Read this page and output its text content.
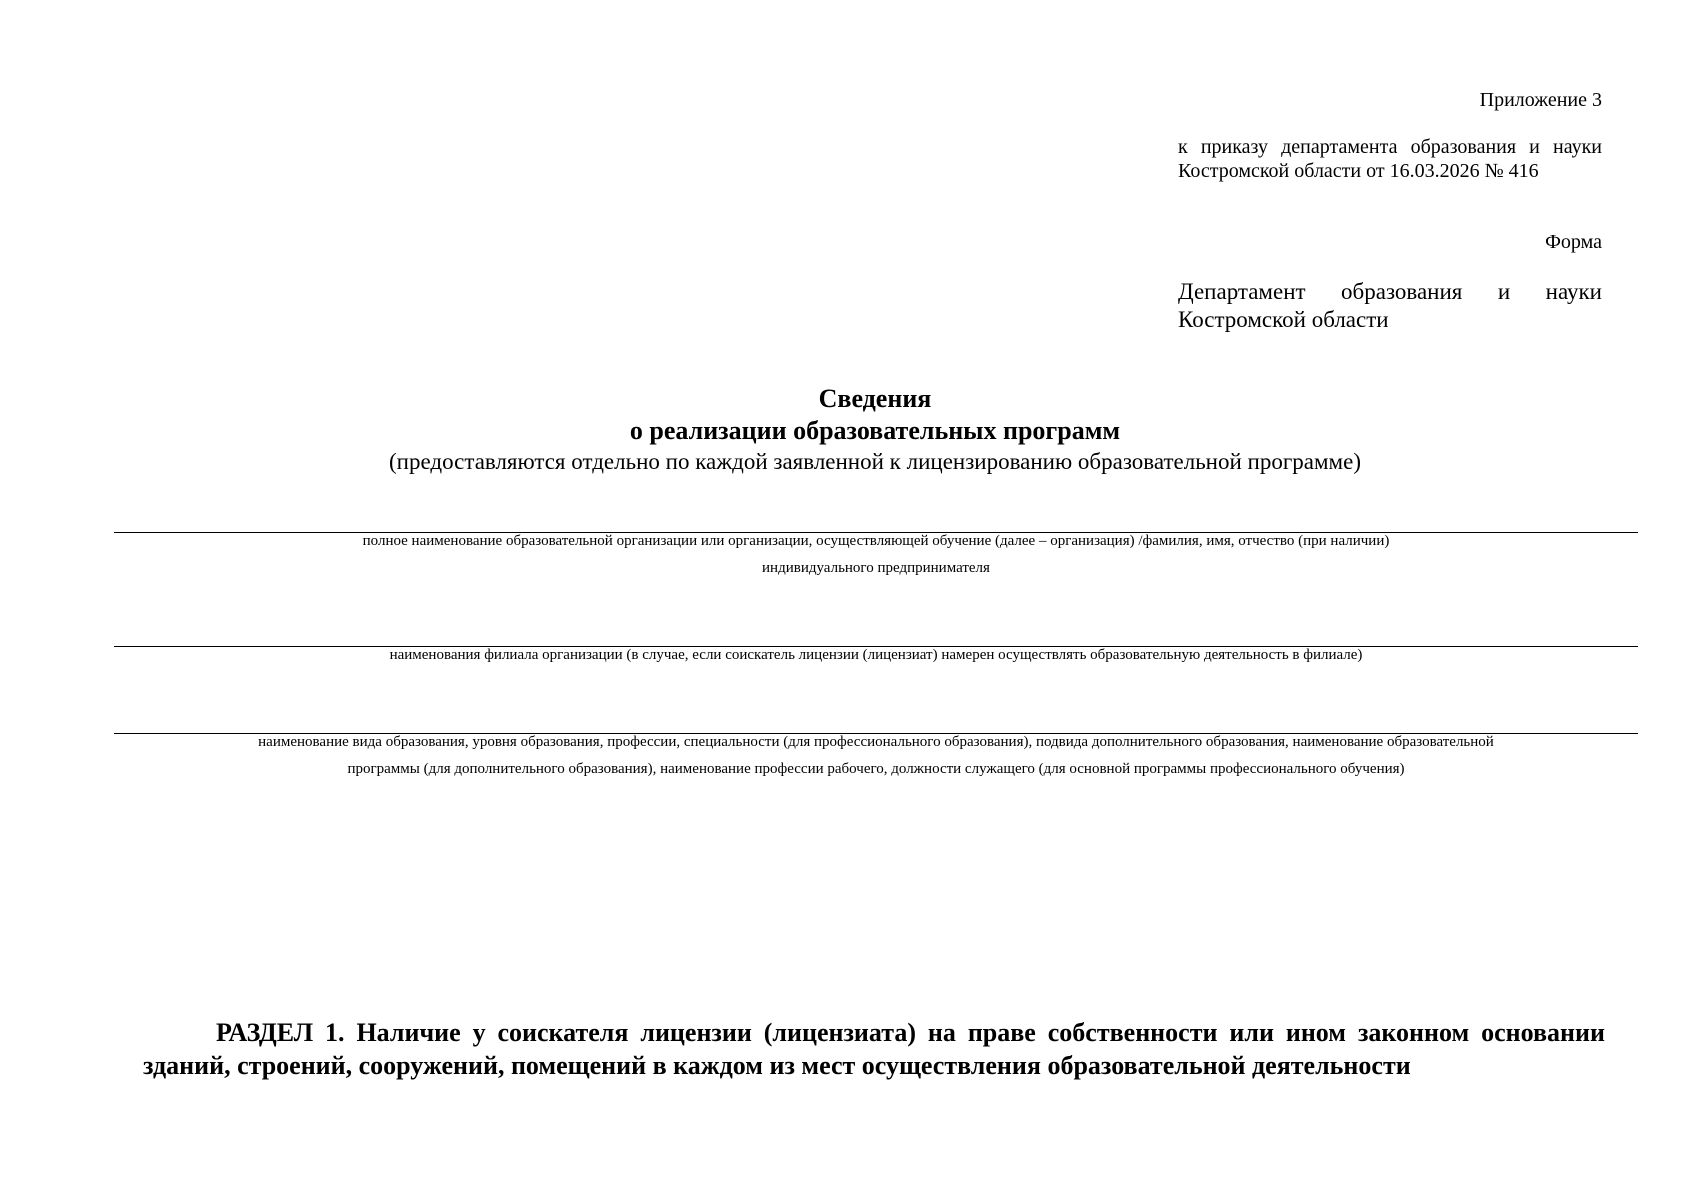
Приложение 3
к приказу департамента образования и науки Костромской области от 16.03.2026 № 416
Форма
Департамент образования и науки Костромской области
Сведения
о реализации образовательных программ
(предоставляются отдельно по каждой заявленной к лицензированию образовательной программе)
полное наименование образовательной организации или организации, осуществляющей обучение (далее – организация) /фамилия, имя, отчество (при наличии)
индивидуального предпринимателя
наименования филиала организации (в случае, если соискатель лицензии (лицензиат) намерен осуществлять образовательную деятельность в филиале)
наименование вида образования, уровня образования, профессии, специальности (для профессионального образования), подвида дополнительного образования, наименование образовательной
программы (для дополнительного образования), наименование профессии рабочего, должности служащего (для основной программы профессионального обучения)
РАЗДЕЛ 1. Наличие у соискателя лицензии (лицензиата) на праве собственности или ином законном основании зданий, строений, сооружений, помещений в каждом из мест осуществления образовательной деятельности
